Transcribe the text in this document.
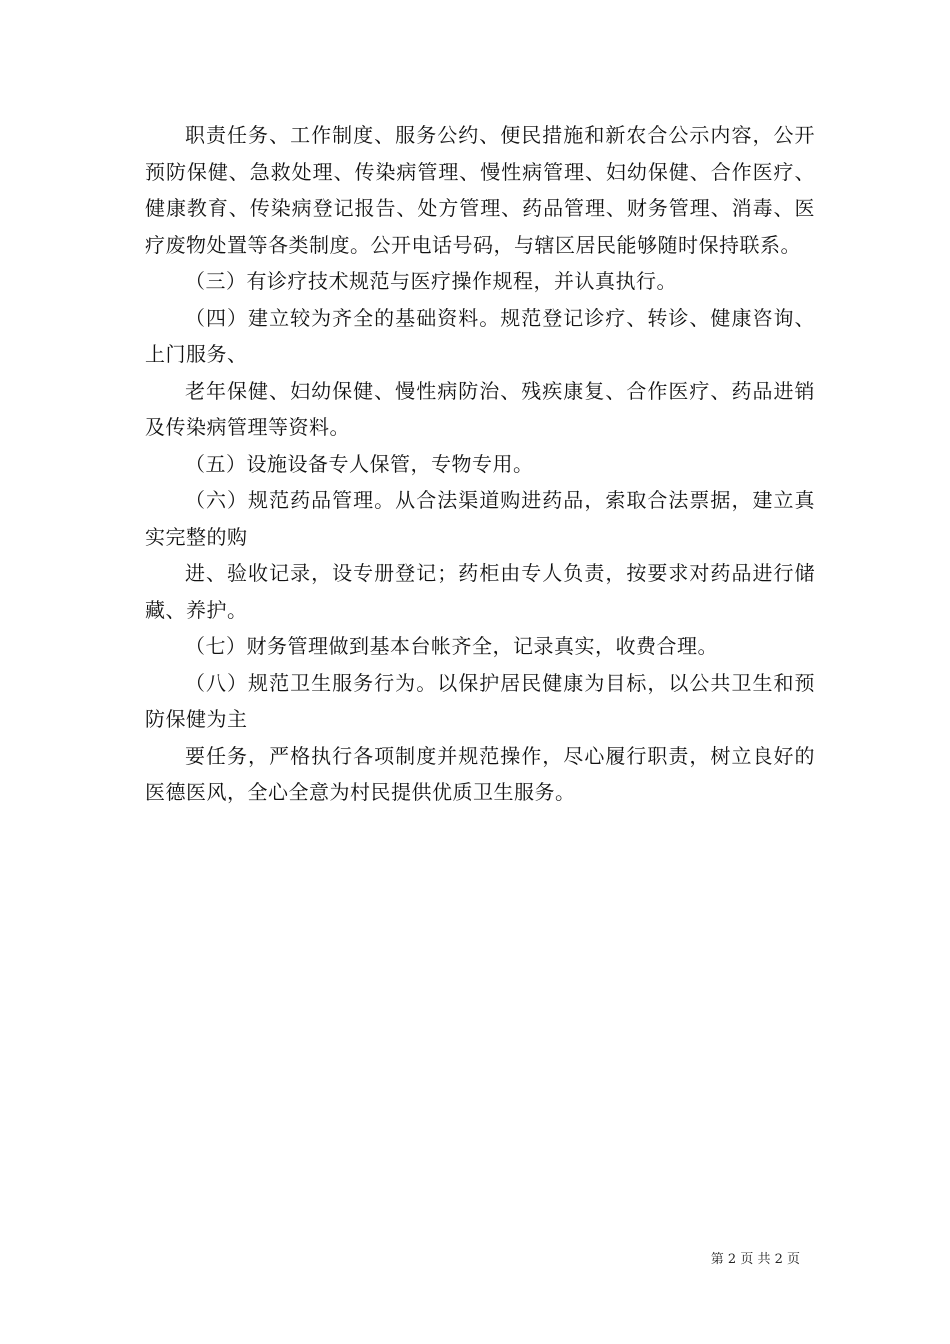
职责任务、工作制度、服务公约、便民措施和新农合公示内容，公开预防保健、急救处理、传染病管理、慢性病管理、妇幼保健、合作医疗、健康教育、传染病登记报告、处方管理、药品管理、财务管理、消毒、医疗废物处置等各类制度。公开电话号码，与辖区居民能够随时保持联系。

（三）有诊疗技术规范与医疗操作规程，并认真执行。

（四）建立较为齐全的基础资料。规范登记诊疗、转诊、健康咨询、上门服务、

老年保健、妇幼保健、慢性病防治、残疾康复、合作医疗、药品进销及传染病管理等资料。

（五）设施设备专人保管，专物专用。

（六）规范药品管理。从合法渠道购进药品，索取合法票据，建立真实完整的购

进、验收记录，设专册登记；药柜由专人负责，按要求对药品进行储藏、养护。

（七）财务管理做到基本台帐齐全，记录真实，收费合理。

（八）规范卫生服务行为。以保护居民健康为目标，以公共卫生和预防保健为主

要任务，严格执行各项制度并规范操作，尽心履行职责，树立良好的医德医风，全心全意为村民提供优质卫生服务。

第 2 页 共 2 页
